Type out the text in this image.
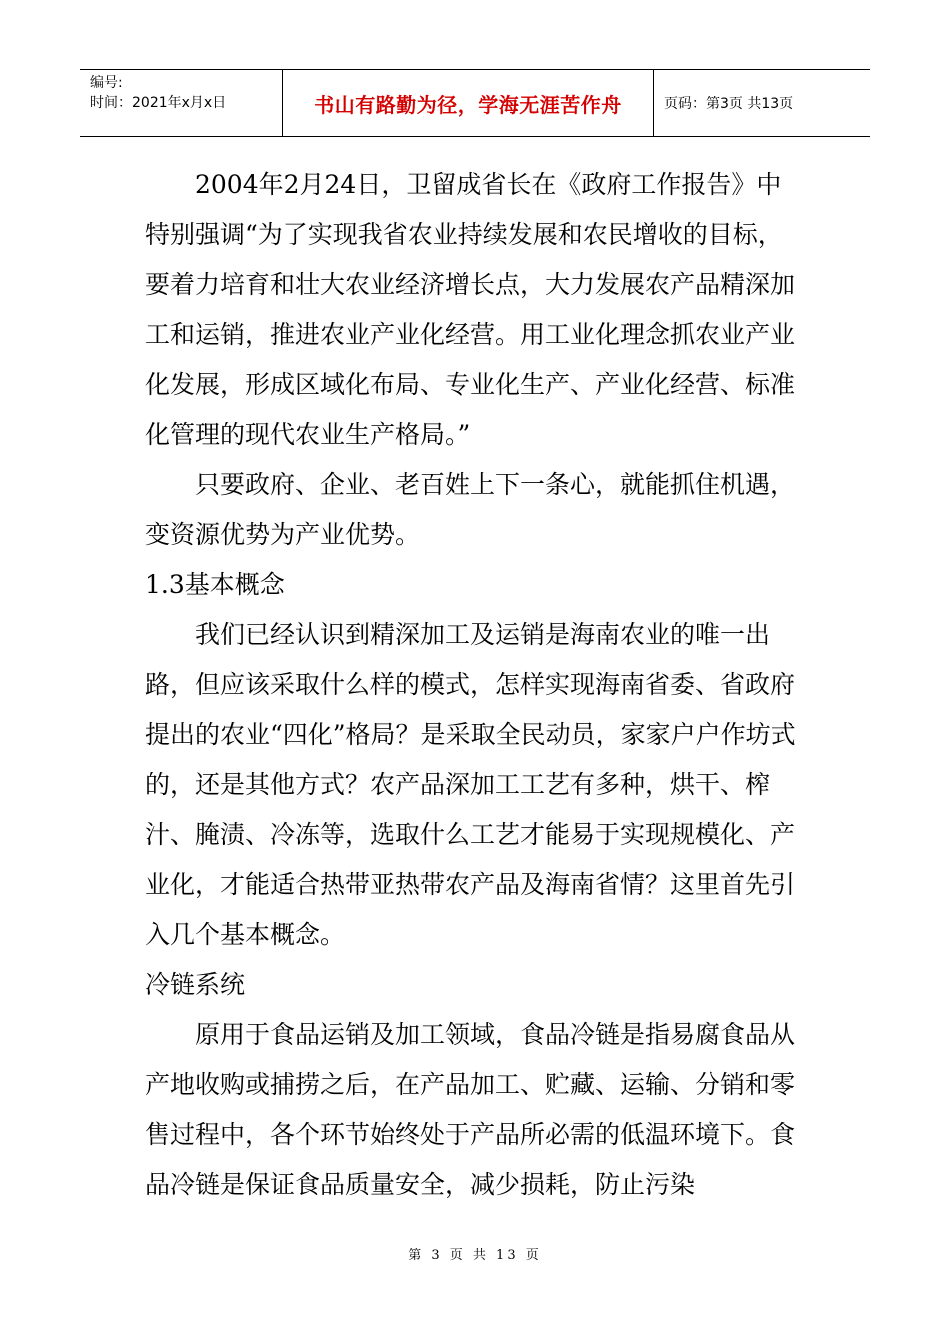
编号:
时间：2021年x月x日	书山有路勤为径，学海无涯苦作舟	页码：第3页 共13页

2004年2月24日，卫留成省长在《政府工作报告》中特别强调“为了实现我省农业持续发展和农民增收的目标，要着力培育和壮大农业经济增长点，大力发展农产品精深加工和运销，推进农业产业化经营。用工业化理念抓农业产业化发展，形成区域化布局、专业化生产、产业化经营、标准化管理的现代农业生产格局。”

只要政府、企业、老百姓上下一条心，就能抓住机遇，变资源优势为产业优势。

1.3基本概念

我们已经认识到精深加工及运销是海南农业的唯一出路，但应该采取什么样的模式，怎样实现海南省委、省政府提出的农业“四化”格局？是采取全民动员，家家户户作坊式的，还是其他方式？农产品深加工工艺有多种，烘干、榨汁、腌渍、冷冻等，选取什么工艺才能易于实现规模化、产业化，才能适合热带亚热带农产品及海南省情？这里首先引入几个基本概念。

冷链系统

原用于食品运销及加工领域，食品冷链是指易腐食品从产地收购或捕捞之后，在产品加工、贮藏、运输、分销和零售过程中，各个环节始终处于产品所必需的低温环境下。食品冷链是保证食品质量安全，减少损耗，防止污染

第 3 页 共 13 页
